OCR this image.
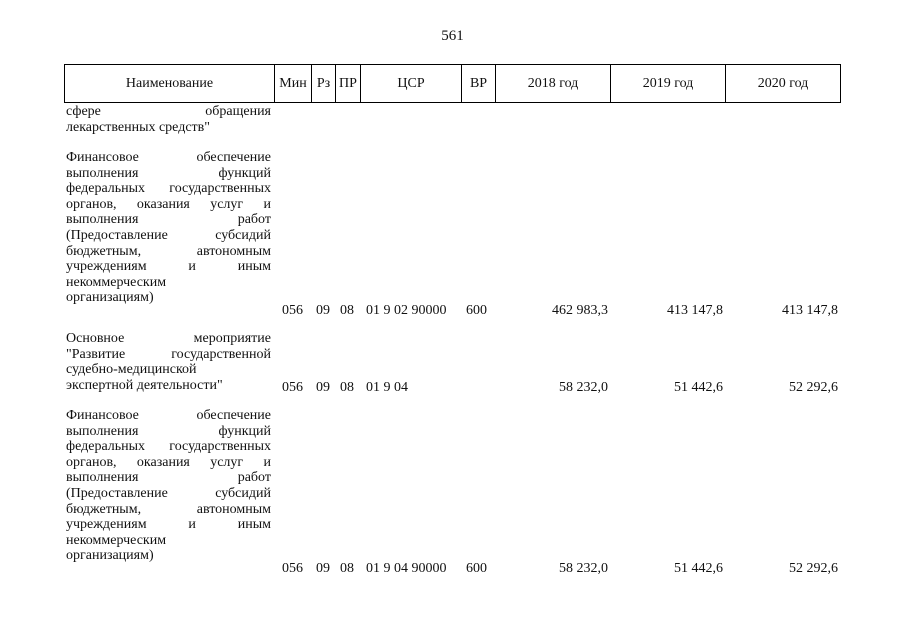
561
Наименование	Мин Рз ПР	ЦСР	ВР	2018 год	2019 год	2020 год
сфере обращения
лекарственных средств"
Финансовое обеспечение
выполнения функций
федеральных государственных
органов, оказания услуг и
выполнения работ
(Предоставление субсидий
бюджетным, автономным
учреждениям и иным
некоммерческим
организациям)
056 09 08 01 9 02 90000 600	462 983,3	413 147,8	413 147,8
Основное мероприятие
"Развитие государственной
судебно-медицинской
экспертной деятельности"	056 09 08 01 9 04	58 232,0	51 442,6	52 292,6
Финансовое обеспечение
выполнения функций
федеральных государственных
органов, оказания услуг и
выполнения работ
(Предоставление субсидий
бюджетным, автономным
учреждениям и иным
некоммерческим
организациям)
056 09 08 01 9 04 90000 600	58 232,0	51 442,6	52 292,6
